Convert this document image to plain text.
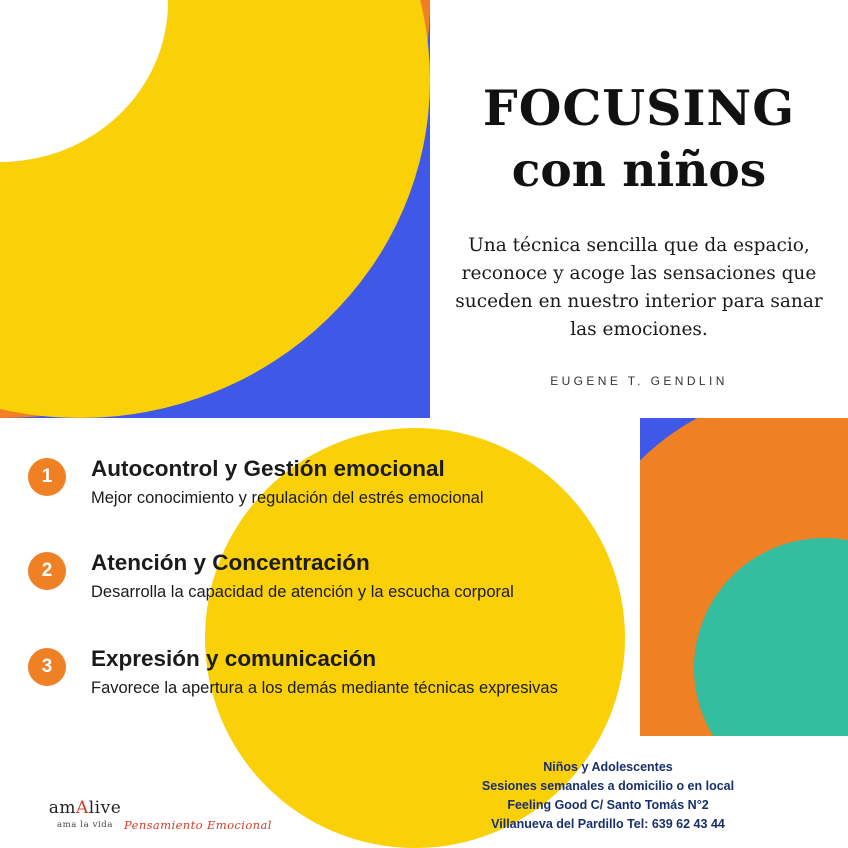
FOCUSING
con niños
Una técnica sencilla que da espacio, reconoce y acoge las sensaciones que suceden en nuestro interior para sanar las emociones.
EUGENE T. GENDLIN
1	Autocontrol y Gestión emocional
Mejor conocimiento y regulación del estrés emocional
2	Atención y Concentración
Desarrolla la capacidad de atención y la escucha corporal
3	Expresión y comunicación
Favorece la apertura a los demás mediante técnicas expresivas
Niños y Adolescentes
Sesiones semanales a domicilio o en local
Feeling Good C/ Santo Tomás N°2
Villanueva del Pardillo Tel: 639 62 43 44
amAlive
ama la vida Pensamiento Emocional
